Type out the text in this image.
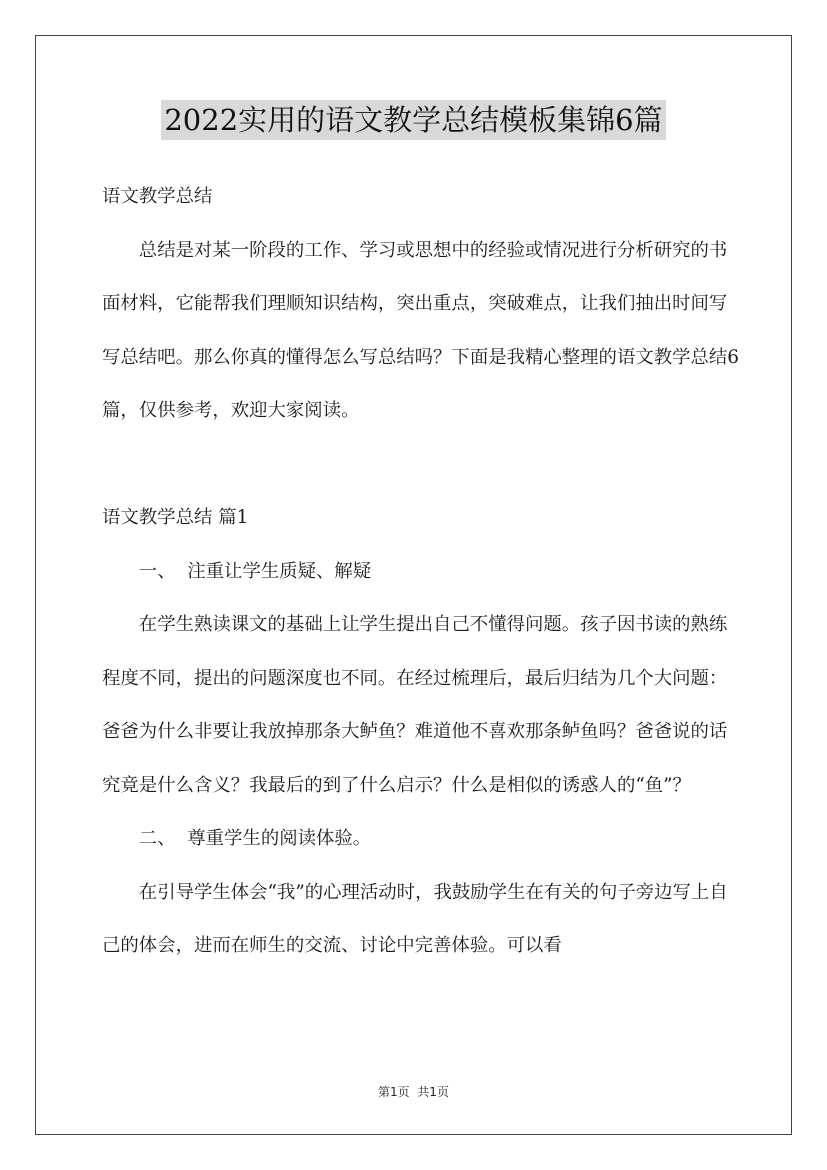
2022实用的语文教学总结模板集锦6篇

语文教学总结

总结是对某一阶段的工作、学习或思想中的经验或情况进行分析研究的书面材料，它能帮我们理顺知识结构，突出重点，突破难点，让我们抽出时间写写总结吧。那么你真的懂得怎么写总结吗？下面是我精心整理的语文教学总结6篇，仅供参考，欢迎大家阅读。

语文教学总结 篇1

一、  注重让学生质疑、解疑

在学生熟读课文的基础上让学生提出自己不懂得问题。孩子因书读的熟练程度不同，提出的问题深度也不同。在经过梳理后，最后归结为几个大问题：爸爸为什么非要让我放掉那条大鲈鱼？难道他不喜欢那条鲈鱼吗？爸爸说的话究竟是什么含义？我最后的到了什么启示？什么是相似的诱惑人的“鱼”？

二、  尊重学生的阅读体验。

在引导学生体会“我”的心理活动时，我鼓励学生在有关的句子旁边写上自己的体会，进而在师生的交流、讨论中完善体验。可以看

第1页  共1页
